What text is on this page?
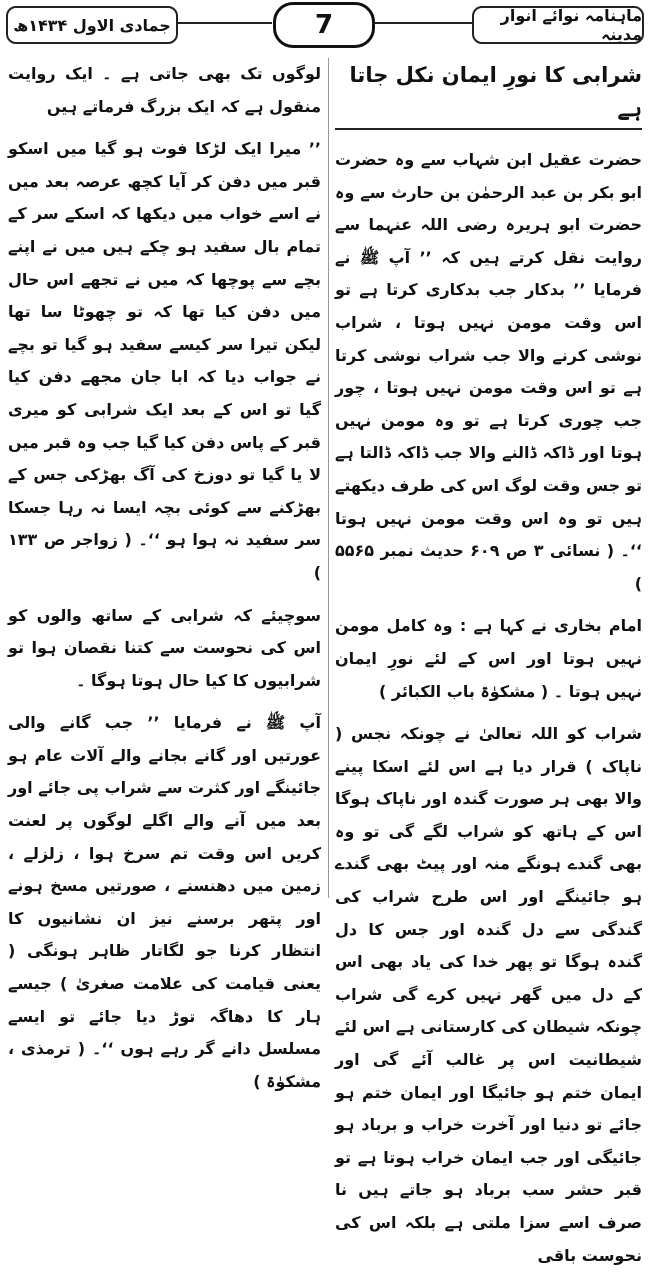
جمادی الاول ۱۴۳۴ھ	7	ماہنامہ نوائے انوار مدینہ
شرابی کا نورِ ایمان نکل جاتا ہے

حضرت عقیل ابن شہاب سے وہ حضرت ابو بکر بن عبد الرحمٰن بن حارث سے وہ حضرت ابو ہریرہ رضی اللہ عنہما سے روایت نقل کرتے ہیں کہ ’’ آپ ﷺ نے فرمایا ’’ بدکار جب بدکاری کرتا ہے تو اس وقت مومن نہیں ہوتا ، شراب نوشی کرنے والا جب شراب نوشی کرتا ہے تو اس وقت مومن نہیں ہوتا ، چور جب چوری کرتا ہے تو وہ مومن نہیں ہوتا اور ڈاکہ ڈالنے والا جب ڈاکہ ڈالتا ہے تو جس وقت لوگ اس کی طرف دیکھتے ہیں تو وہ اس وقت مومن نہیں ہوتا ‘‘۔ ( نسائی ۳ ص ۶۰۹ حدیث نمبر ۵۵۶۵ )

امام بخاری نے کہا ہے : وہ کامل مومن نہیں ہوتا اور اس کے لئے نورِ ایمان نہیں ہوتا ۔ ( مشکوٰۃ باب الکبائر )

شراب کو اللہ تعالیٰ نے چونکہ نجس ( ناپاک ) قرار دیا ہے اس لئے اسکا پینے والا بھی ہر صورت گندہ اور ناپاک ہوگا اس کے ہاتھ کو شراب لگے گی تو وہ بھی گندے ہونگے منہ اور پیٹ بھی گندے ہو جائینگے اور اس طرح شراب کی گندگی سے دل گندہ اور جس کا دل گندہ ہوگا تو پھر خدا کی یاد بھی اس کے دل میں گھر نہیں کرے گی شراب چونکہ شیطان کی کارستانی ہے اس لئے شیطانیت اس پر غالب آئے گی اور ایمان ختم ہو جائیگا اور ایمان ختم ہو جائے تو دنیا اور آخرت خراب و برباد ہو جائیگی اور جب ایمان خراب ہوتا ہے تو قبر حشر سب برباد ہو جاتے ہیں نا صرف اسے سزا ملتی ہے بلکہ اس کی نحوست باقی

لوگوں تک بھی جاتی ہے ۔ ایک روایت منقول ہے کہ ایک بزرگ فرماتے ہیں

’’ میرا ایک لڑکا فوت ہو گیا میں اسکو قبر میں دفن کر آیا کچھ عرصہ بعد میں نے اسے خواب میں دیکھا کہ اسکے سر کے تمام بال سفید ہو چکے ہیں میں نے اپنے بچے سے پوچھا کہ میں نے تجھے اس حال میں دفن کیا تھا کہ تو چھوٹا سا تھا لیکن تیرا سر کیسے سفید ہو گیا تو بچے نے جواب دیا کہ ابا جان مجھے دفن کیا گیا تو اس کے بعد ایک شرابی کو میری قبر کے پاس دفن کیا گیا جب وہ قبر میں لا یا گیا تو دوزخ کی آگ بھڑکی جس کے بھڑکنے سے کوئی بچہ ایسا نہ رہا جسکا سر سفید نہ ہوا ہو ‘‘۔ ( زواجر ص ۱۳۳ )

سوچیئے کہ شرابی کے ساتھ والوں کو اس کی نحوست سے کتنا نقصان ہوا تو شرابیوں کا کیا حال ہوتا ہوگا ۔

آپ ﷺ نے فرمایا ’’ جب گانے والی عورتیں اور گانے بجانے والے آلات عام ہو جائینگے اور کثرت سے شراب پی جائے اور بعد میں آنے والے اگلے لوگوں پر لعنت کریں اس وقت تم سرخ ہوا ، زلزلے ، زمین میں دھنسنے ، صورتیں مسخ ہونے اور پتھر برسنے نیز ان نشانیوں کا انتظار کرنا جو لگاتار ظاہر ہونگی ( یعنی قیامت کی علامت صغریٰ ) جیسے ہار کا دھاگہ توڑ دیا جائے تو ایسے مسلسل دانے گر رہے ہوں ‘‘۔ ( ترمذی ، مشکوٰۃ )
